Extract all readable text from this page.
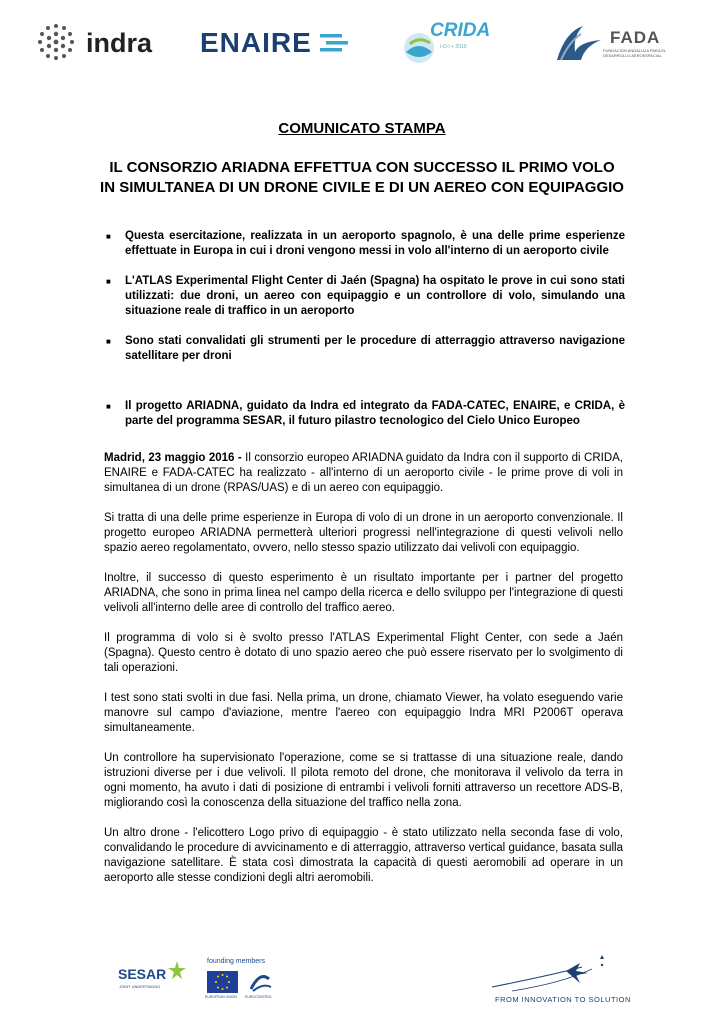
indra ENAIRE	CRIDA
I-D-I + 2010	FADA
FUNDACIÓN ANDALUZA PARA EL DESARROLLO AEROESPACIAL
COMUNICATO STAMPA
IL CONSORZIO ARIADNA EFFETTUA CON SUCCESSO IL PRIMO VOLO IN SIMULTANEA DI UN DRONE CIVILE E DI UN AEREO CON EQUIPAGGIO
■ Questa esercitazione, realizzata in un aeroporto spagnolo, è una delle prime esperienze effettuate in Europa in cui i droni vengono messi in volo all'interno di un aeroporto civile
■ L'ATLAS Experimental Flight Center di Jaén (Spagna) ha ospitato le prove in cui sono stati utilizzati: due droni, un aereo con equipaggio e un controllore di volo, simulando una situazione reale di traffico in un aeroporto
■ Sono stati convalidati gli strumenti per le procedure di atterraggio attraverso navigazione satellitare per droni
■ Il progetto ARIADNA, guidato da Indra ed integrato da FADA-CATEC, ENAIRE, e CRIDA, è parte del programma SESAR, il futuro pilastro tecnologico del Cielo Unico Europeo

Madrid, 23 maggio 2016 - Il consorzio europeo ARIADNA guidato da Indra con il supporto di CRIDA, ENAIRE e FADA-CATEC ha realizzato - all'interno di un aeroporto civile - le prime prove di voli in simultanea di un drone (RPAS/UAS) e di un aereo con equipaggio.

Si tratta di una delle prime esperienze in Europa di volo di un drone in un aeroporto convenzionale. Il progetto europeo ARIADNA permetterà ulteriori progressi nell'integrazione di questi velivoli nello spazio aereo regolamentato, ovvero, nello stesso spazio utilizzato dai velivoli con equipaggio.

Inoltre, il successo di questo esperimento è un risultato importante per i partner del progetto ARIADNA, che sono in prima linea nel campo della ricerca e dello sviluppo per l'integrazione di questi velivoli all'interno delle aree di controllo del traffico aereo.

Il programma di volo si è svolto presso l'ATLAS Experimental Flight Center, con sede a Jaén (Spagna). Questo centro è dotato di uno spazio aereo che può essere riservato per lo svolgimento di tali operazioni.

I test sono stati svolti in due fasi. Nella prima, un drone, chiamato Viewer, ha volato eseguendo varie manovre sul campo d'aviazione, mentre l'aereo con equipaggio Indra MRI P2006T operava simultaneamente.

Un controllore ha supervisionato l'operazione, come se si trattasse di una situazione reale, dando istruzioni diverse per i due velivoli. Il pilota remoto del drone, che monitorava il velivolo da terra in ogni momento, ha avuto i dati di posizione di entrambi i velivoli forniti attraverso un recettore ADS-B, migliorando così la conoscenza della situazione del traffico nella zona.

Un altro drone - l'elicottero Logo privo di equipaggio - è stato utilizzato nella seconda fase di volo, convalidando le procedure di avvicinamento e di atterraggio, attraverso vertical guidance, basata sulla navigazione satellitare. È stata così dimostrata la capacità di questi aeromobili ad operare in un aeroporto alle stesse condizioni degli altri aeromobili.

SESAR
JOINT UNDERTAKING
founding members
EUROPEAN UNION EUROCONTROL	FROM INNOVATION TO SOLUTION
